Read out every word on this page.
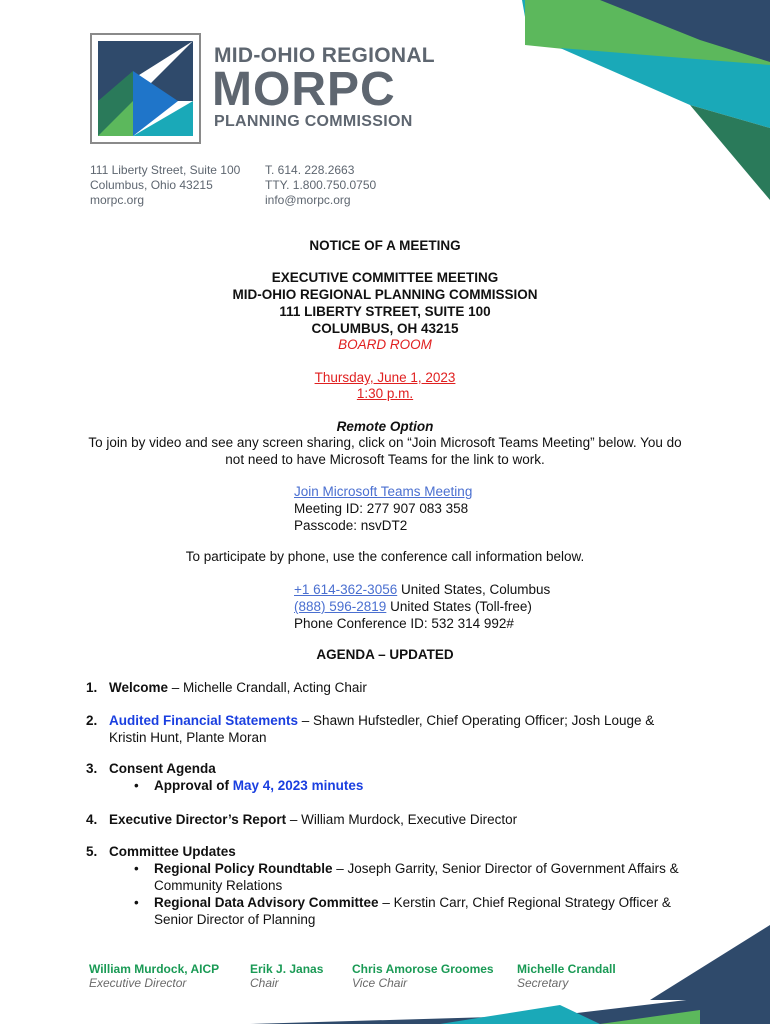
MID-OHIO REGIONAL
MORPC
PLANNING COMMISSION
111 Liberty Street, Suite 100
Columbus, Ohio 43215
morpc.org
T. 614. 228.2663
TTY. 1.800.750.0750
info@morpc.org
NOTICE OF A MEETING
EXECUTIVE COMMITTEE MEETING
MID-OHIO REGIONAL PLANNING COMMISSION
111 LIBERTY STREET, SUITE 100
COLUMBUS, OH 43215
BOARD ROOM
Thursday, June 1, 2023
1:30 p.m.
Remote Option
To join by video and see any screen sharing, click on “Join Microsoft Teams Meeting” below. You do
not need to have Microsoft Teams for the link to work.
Join Microsoft Teams Meeting
Meeting ID: 277 907 083 358
Passcode: nsvDT2
To participate by phone, use the conference call information below.
+1 614-362-3056 United States, Columbus
(888) 596-2819 United States (Toll-free)
Phone Conference ID: 532 314 992#
AGENDA – UPDATED
1. Welcome – Michelle Crandall, Acting Chair
2. Audited Financial Statements – Shawn Hufstedler, Chief Operating Officer; Josh Louge &
Kristin Hunt, Plante Moran
3. Consent Agenda
• Approval of May 4, 2023 minutes
4. Executive Director’s Report – William Murdock, Executive Director
5. Committee Updates
• Regional Policy Roundtable – Joseph Garrity, Senior Director of Government Affairs &
Community Relations
• Regional Data Advisory Committee – Kerstin Carr, Chief Regional Strategy Officer &
Senior Director of Planning
William Murdock, AICP
Executive Director
Erik J. Janas
Chair
Chris Amorose Groomes
Vice Chair
Michelle Crandall
Secretary
